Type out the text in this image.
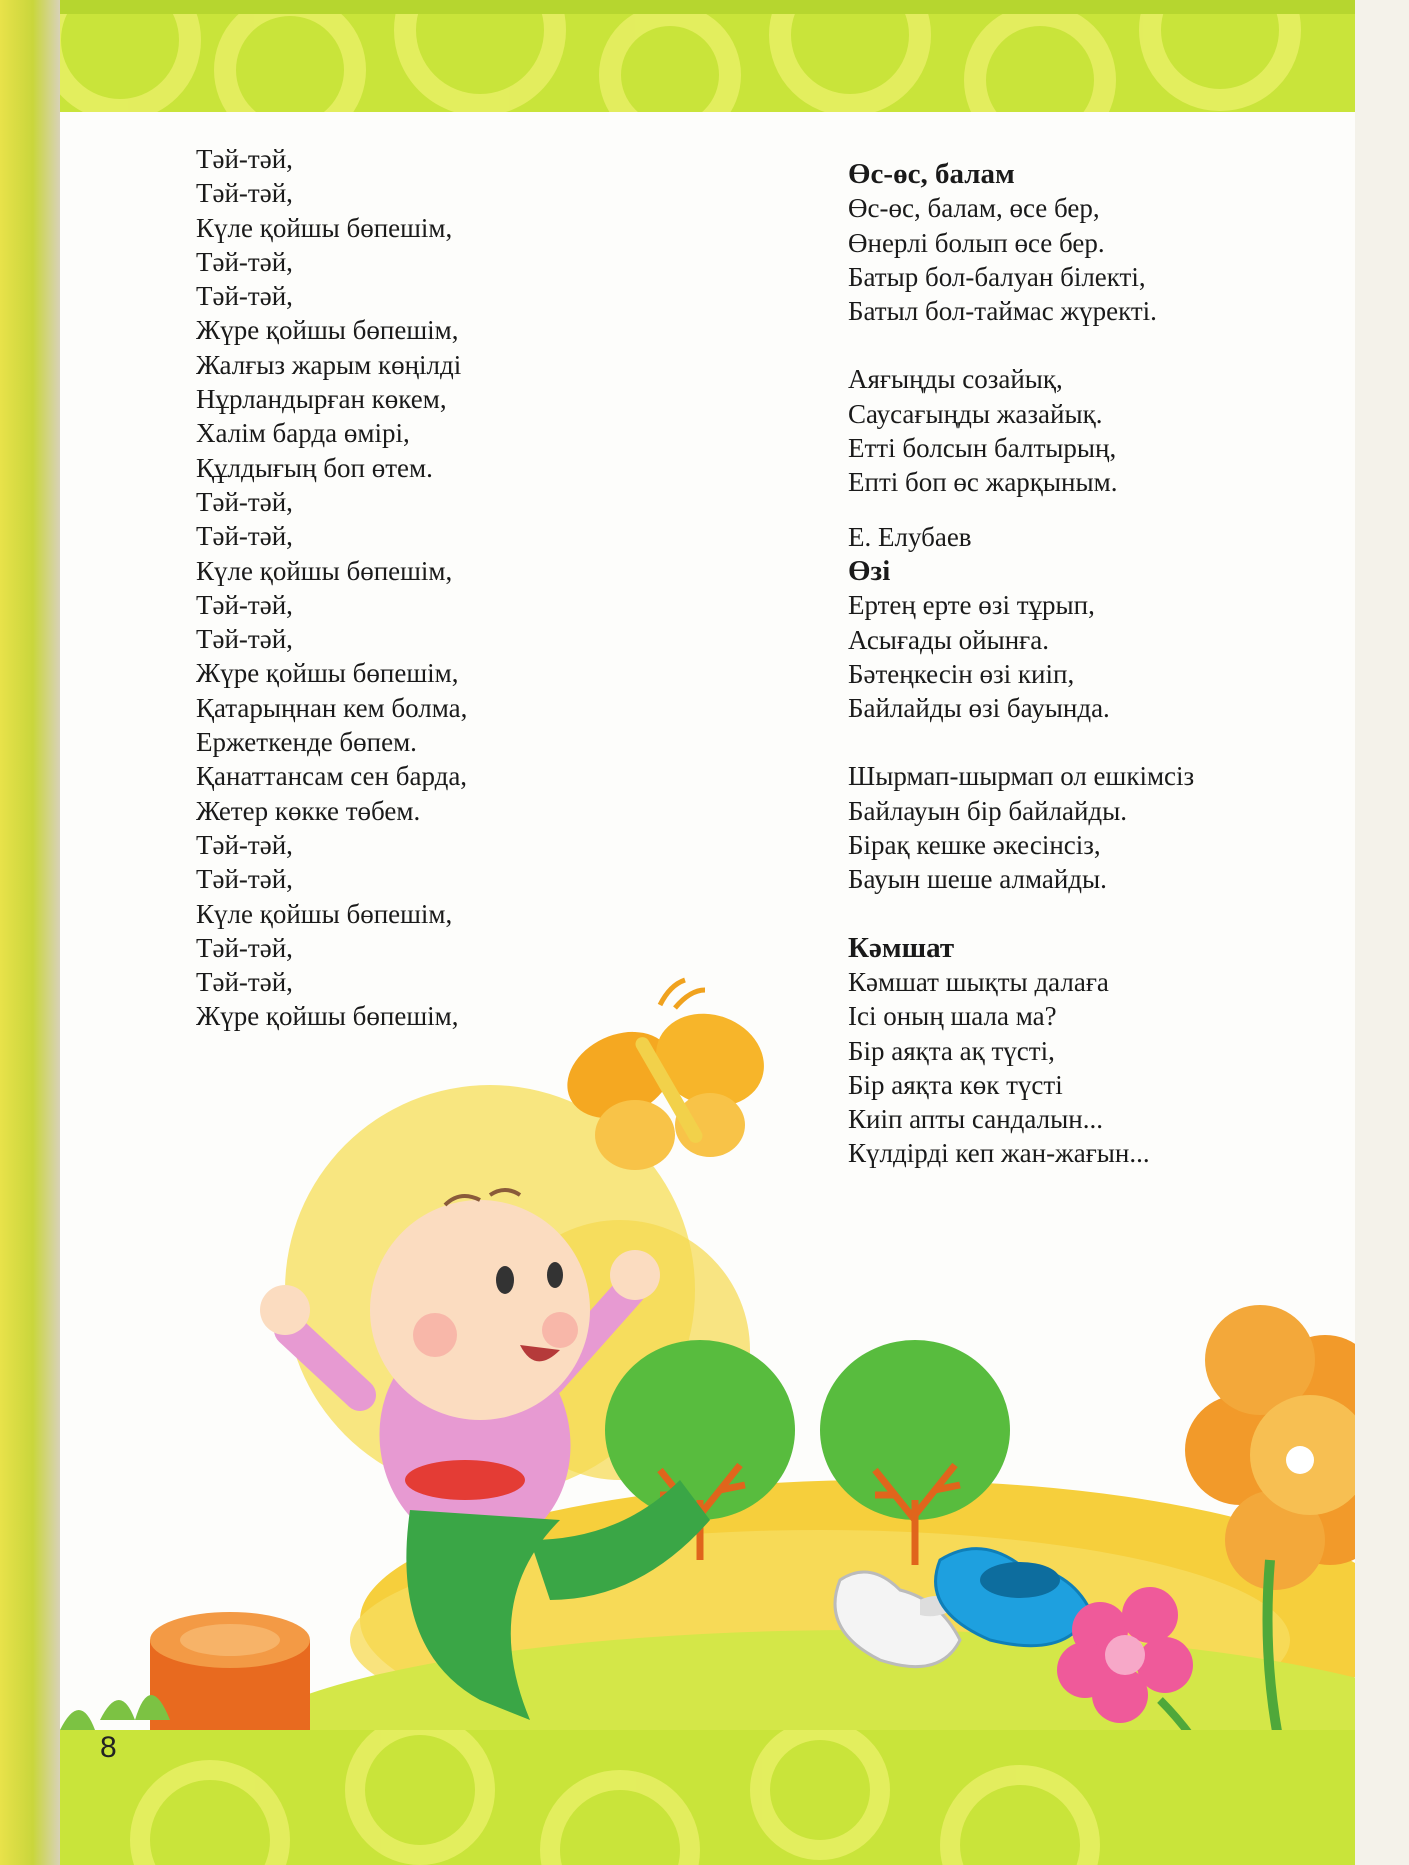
Тәй-тәй,
Тәй-тәй,
Күле қойшы бөпешім,
Тәй-тәй,
Тәй-тәй,
Жүре қойшы бөпешім,
Жалғыз жарым көңілді
Нұрландырған көкем,
Халім барда өмірі,
Құлдығың боп өтем.
Тәй-тәй,
Тәй-тәй,
Күле қойшы бөпешім,
Тәй-тәй,
Тәй-тәй,
Жүре қойшы бөпешім,
Қатарыңнан кем болма,
Ержеткенде бөпем.
Қанаттансам сен барда,
Жетер көкке төбем.
Тәй-тәй,
Тәй-тәй,
Күле қойшы бөпешім,
Тәй-тәй,
Тәй-тәй,
Жүре қойшы бөпешім,
Өс-өс, балам
Өс-өс, балам, өсе бер,
Өнерлі болып өсе бер.
Батыр бол-балуан білекті,
Батыл бол-таймас жүректі.
Аяғыңды созайық,
Саусағыңды жазайық.
Етті болсын балтырың,
Епті боп өс жарқыным.
Е. Елубаев
Өзі
Ертең ерте өзі тұрып,
Асығады ойынға.
Бәтеңкесін өзі киіп,
Байлайды өзі бауында.
Шырмап-шырмап ол ешкімсіз
Байлауын бір байлайды.
Бірақ кешке әкесінсіз,
Бауын шеше алмайды.
Кәмшат
Кәмшат шықты далаға
Ісі оның шала ма?
Бір аяқта ақ түсті,
Бір аяқта көк түсті
Киіп апты сандалын...
Күлдірді кеп жан-жағын...
8
